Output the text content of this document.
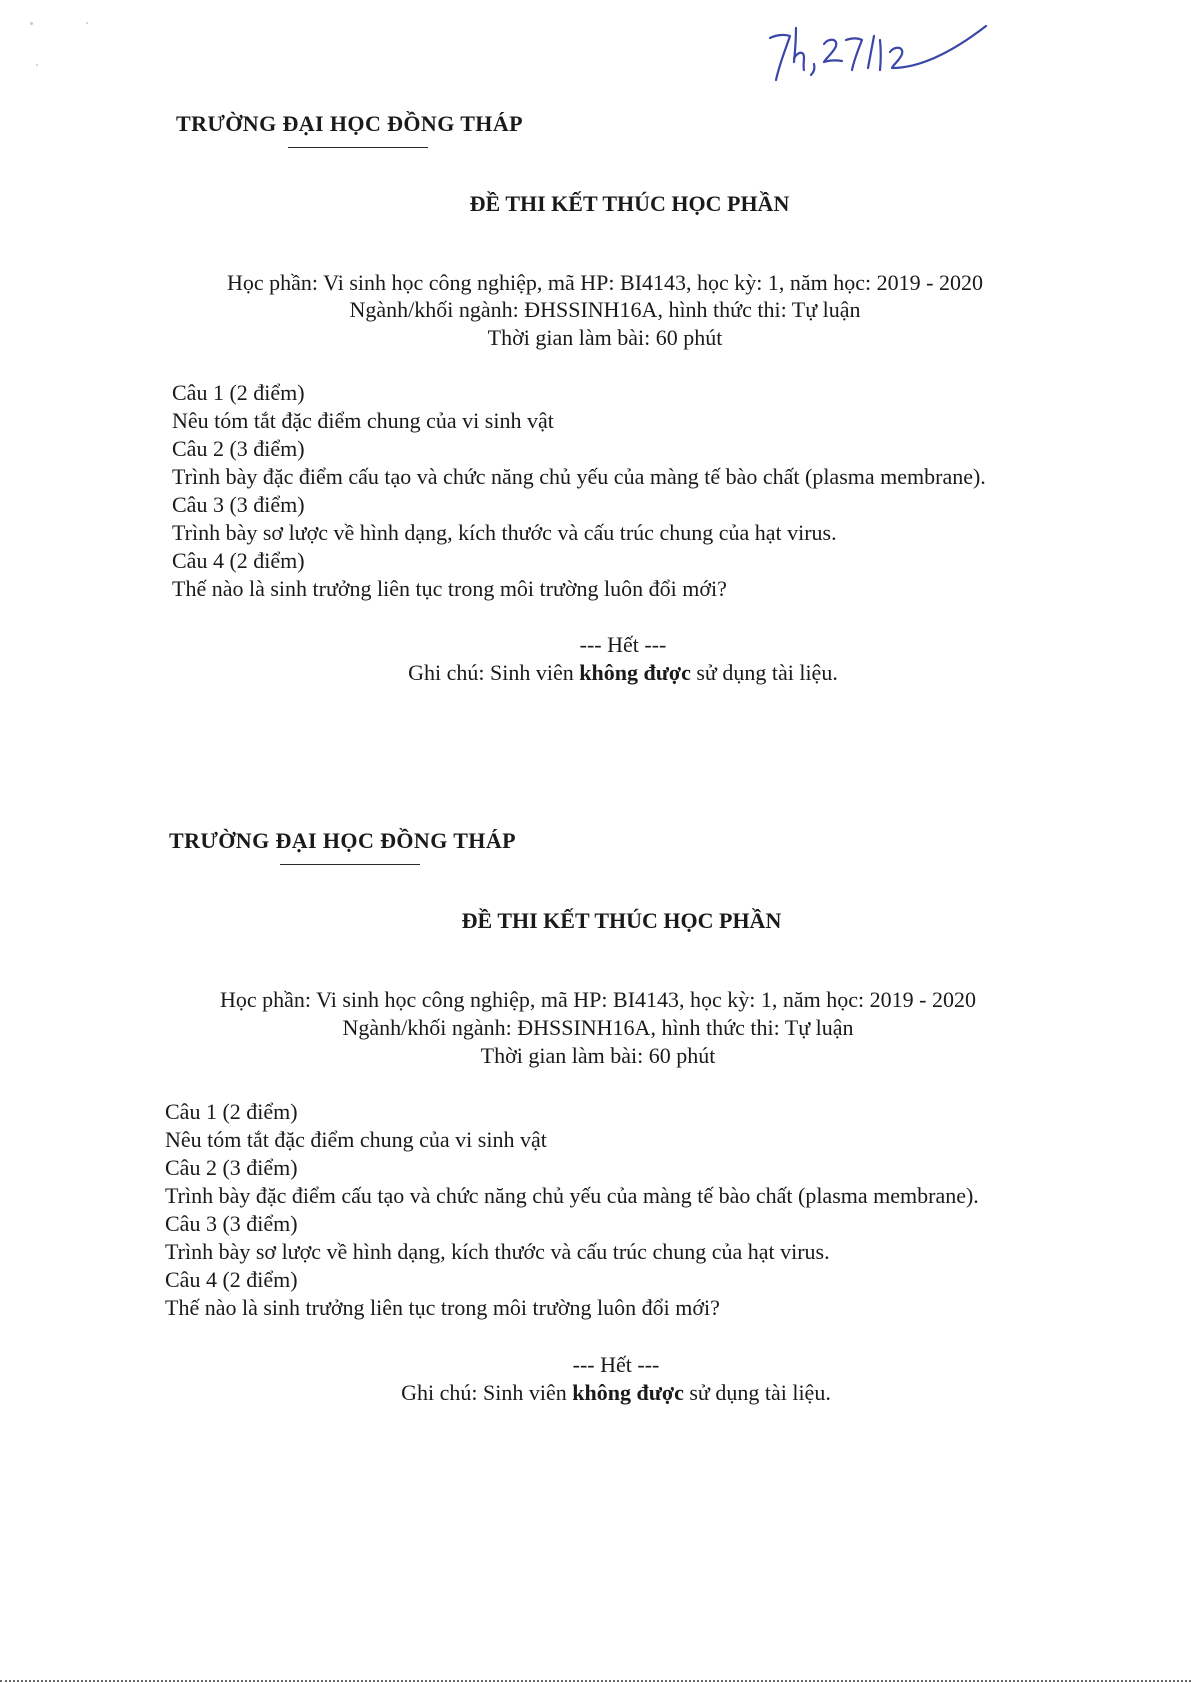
TRƯỜNG ĐẠI HỌC ĐỒNG THÁP
ĐỀ THI KẾT THÚC HỌC PHẦN
Học phần: Vi sinh học công nghiệp, mã HP: BI4143, học kỳ: 1, năm học: 2019 - 2020
Ngành/khối ngành: ĐHSSINH16A, hình thức thi: Tự luận
Thời gian làm bài: 60 phút
Câu 1 (2 điểm)
Nêu tóm tắt đặc điểm chung của vi sinh vật
Câu 2 (3 điểm)
Trình bày đặc điểm cấu tạo và chức năng chủ yếu của màng tế bào chất (plasma membrane).
Câu 3 (3 điểm)
Trình bày sơ lược về hình dạng, kích thước và cấu trúc chung của hạt virus.
Câu 4 (2 điểm)
Thế nào là sinh trưởng liên tục trong môi trường luôn đổi mới?
--- Hết ---
Ghi chú: Sinh viên không được sử dụng tài liệu.
TRƯỜNG ĐẠI HỌC ĐỒNG THÁP
ĐỀ THI KẾT THÚC HỌC PHẦN
Học phần: Vi sinh học công nghiệp, mã HP: BI4143, học kỳ: 1, năm học: 2019 - 2020
Ngành/khối ngành: ĐHSSINH16A, hình thức thi: Tự luận
Thời gian làm bài: 60 phút
Câu 1 (2 điểm)
Nêu tóm tắt đặc điểm chung của vi sinh vật
Câu 2 (3 điểm)
Trình bày đặc điểm cấu tạo và chức năng chủ yếu của màng tế bào chất (plasma membrane).
Câu 3 (3 điểm)
Trình bày sơ lược về hình dạng, kích thước và cấu trúc chung của hạt virus.
Câu 4 (2 điểm)
Thế nào là sinh trưởng liên tục trong môi trường luôn đổi mới?
--- Hết ---
Ghi chú: Sinh viên không được sử dụng tài liệu.
